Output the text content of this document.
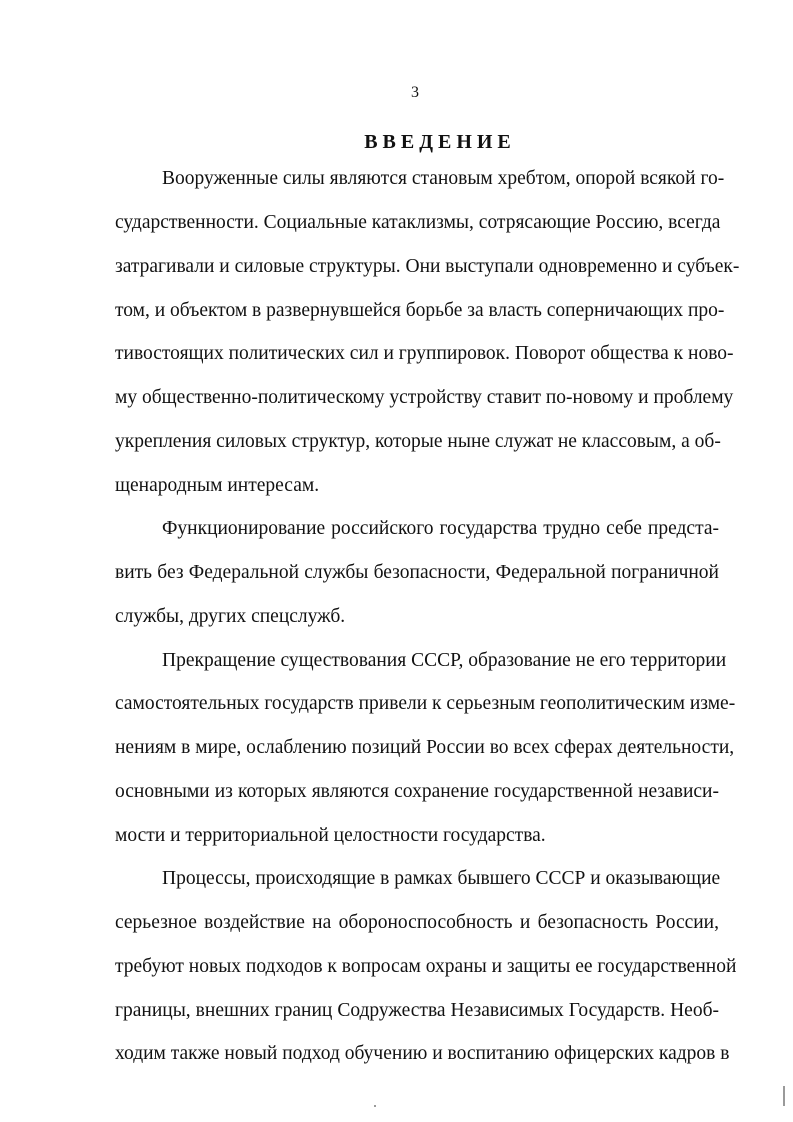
3
ВВЕДЕНИЕ
Вооруженные силы являются становым хребтом, опорой всякой го-
сударственности. Социальные катаклизмы, сотрясающие Россию, всегда
затрагивали и силовые структуры. Они выступали одновременно и субъек-
том, и объектом в развернувшейся борьбе за власть соперничающих про-
тивостоящих политических сил и группировок. Поворот общества к ново-
му общественно-политическому устройству ставит по-новому и проблему
укрепления силовых структур, которые ныне служат не классовым, а об-
щенародным интересам.
Функционирование российского государства трудно себе предста-
вить без Федеральной службы безопасности, Федеральной пограничной
службы, других спецслужб.
Прекращение существования СССР, образование не его территории
самостоятельных государств привели к серьезным геополитическим изме-
нениям в мире, ослаблению позиций России во всех сферах деятельности,
основными из которых являются сохранение государственной независи-
мости и территориальной целостности государства.
Процессы, происходящие в рамках бывшего СССР и оказывающие
серьезное воздействие на обороноспособность и безопасность России,
требуют новых подходов к вопросам охраны и защиты ее государственной
границы, внешних границ Содружества Независимых Государств. Необ-
ходим также новый подход обучению и воспитанию офицерских кадров в
